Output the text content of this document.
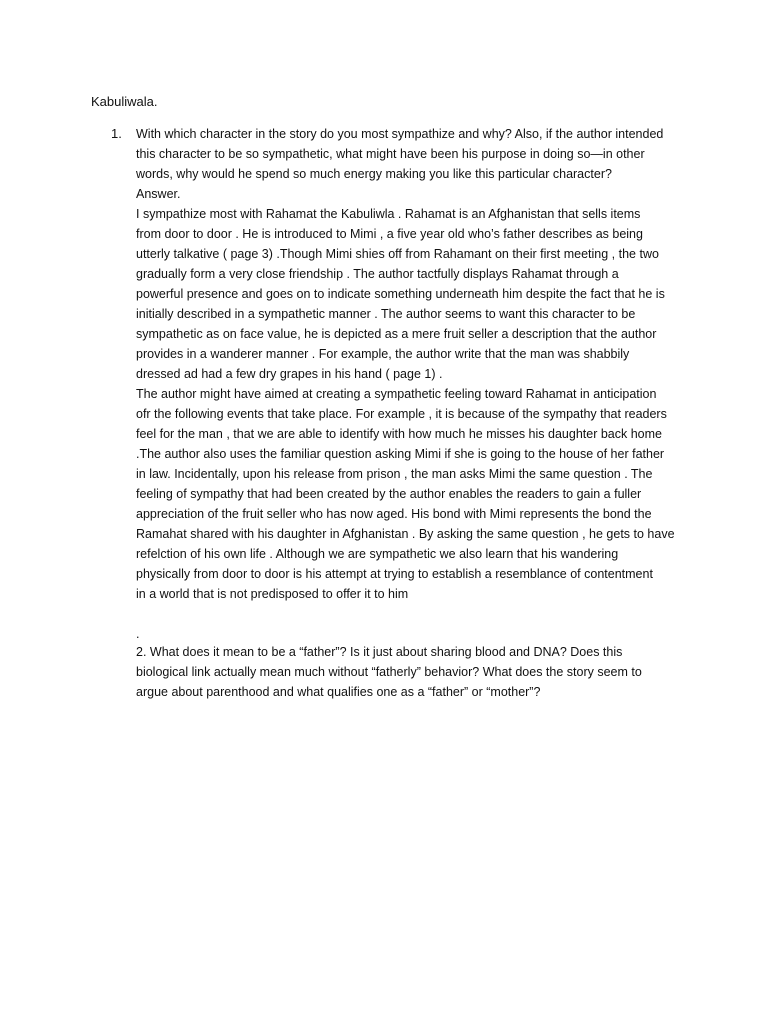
Kabuliwala.
1. With which character in the story do you most sympathize and why? Also, if the author intended
this character to be so sympathetic, what might have been his purpose in doing so—in other
words, why would he spend so much energy making you like this particular character?
Answer.
I sympathize most with Rahamat the Kabuliwla . Rahamat is an Afghanistan that sells items
from door to door . He is introduced to Mimi , a five year old who’s father describes as being
utterly talkative ( page 3) .Though Mimi shies off from Rahamant on their first meeting , the two
gradually form a very close friendship . The author tactfully displays Rahamat through a
powerful presence and goes on to indicate something underneath him despite the fact that he is
initially described in a sympathetic manner . The author seems to want this character to be
sympathetic as on face value, he is depicted as a mere fruit seller a description that the author
provides in a wanderer manner . For example, the author write that the man was shabbily
dressed ad had a few dry grapes in his hand ( page 1) .
The author might have aimed at creating a sympathetic feeling toward Rahamat in anticipation
ofr the following events that take place. For example , it is because of the sympathy that readers
feel for the man , that we are able to identify with how much he misses his daughter back home
.The author also uses the familiar question asking Mimi if she is going to the house of her father
in law. Incidentally, upon his release from prison , the man asks Mimi the same question . The
feeling of sympathy that had been created by the author enables the readers to gain a fuller
appreciation of the fruit seller who has now aged. His bond with Mimi represents the bond the
Ramahat shared with his daughter in Afghanistan . By asking the same question , he gets to have
refelction of his own life . Although we are sympathetic we also learn that his wandering
physically from door to door is his attempt at trying to establish a resemblance of contentment
in a world that is not predisposed to offer it to him
.
2. What does it mean to be a “father”? Is it just about sharing blood and DNA? Does this
biological link actually mean much without “fatherly” behavior? What does the story seem to
argue about parenthood and what qualifies one as a “father” or “mother”?
